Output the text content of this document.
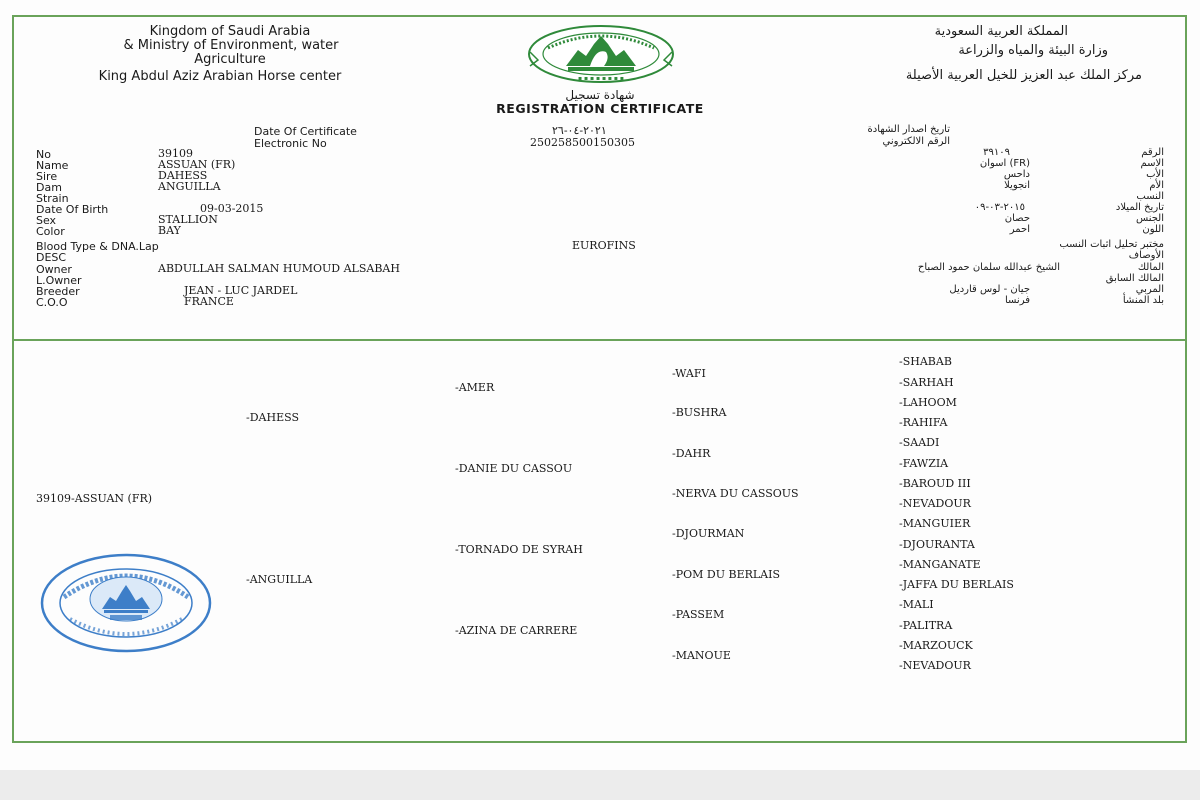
Kingdom of Saudi Arabia
& Ministry of Environment, water
Agriculture
King Abdul Aziz Arabian Horse center
المملكة العربية السعودية
وزارة البيئة والمياه والزراعة
مركز الملك عبد العزيز للخيل العربية الأصيلة
▪ ▪ ▪ ▪ ▪ ▪ ▪ ▪
شهادة تسجيل
REGISTRATION CERTIFICATE
Date Of Certificate	٢٠٢١-٠٤-٢٦	تاريخ اصدار الشهادة
Electronic No	250258500150305	الرقم الالكتروني
No	39109	٣٩١٠٩	الرقم
Name	ASSUAN (FR)	(FR) اسوان	الاسم
Sire	DAHESS	داحس	الأب
Dam	ANGUILLA	انجويلا	الأم
Strain	النسب
Date Of Birth	09-03-2015	٢٠١٥-٠٣-٠٩	تاريخ الميلاد
Sex	STALLION	حصان	الجنس
Color	BAY	احمر	اللون
Blood Type & DNA.Lap	EUROFINS	مختبر تحليل اثبات النسب
DESC	الأوصاف
Owner	ABDULLAH SALMAN HUMOUD ALSABAH	الشيخ عبدالله سلمان حمود الصباح	المالك
L.Owner	المالك السابق
Breeder	JEAN - LUC JARDEL	جيان - لوس قارديل	المربي
C.O.O	FRANCE	فرنسا	بلد المنشأ
39109-ASSUAN (FR)
-DAHESS
-ANGUILLA
-AMER
-DANIE DU CASSOU
-TORNADO DE SYRAH
-AZINA DE CARRERE
-WAFI
-BUSHRA
-DAHR
-NERVA DU CASSOUS
-DJOURMAN
-POM DU BERLAIS
-PASSEM
-MANOUE
-SHABAB
-SARHAH
-LAHOOM
-RAHIFA
-SAADI
-FAWZIA
-BAROUD III
-NEVADOUR
-MANGUIER
-DJOURANTA
-MANGANATE
-JAFFA DU BERLAIS
-MALI
-PALITRA
-MARZOUCK
-NEVADOUR
